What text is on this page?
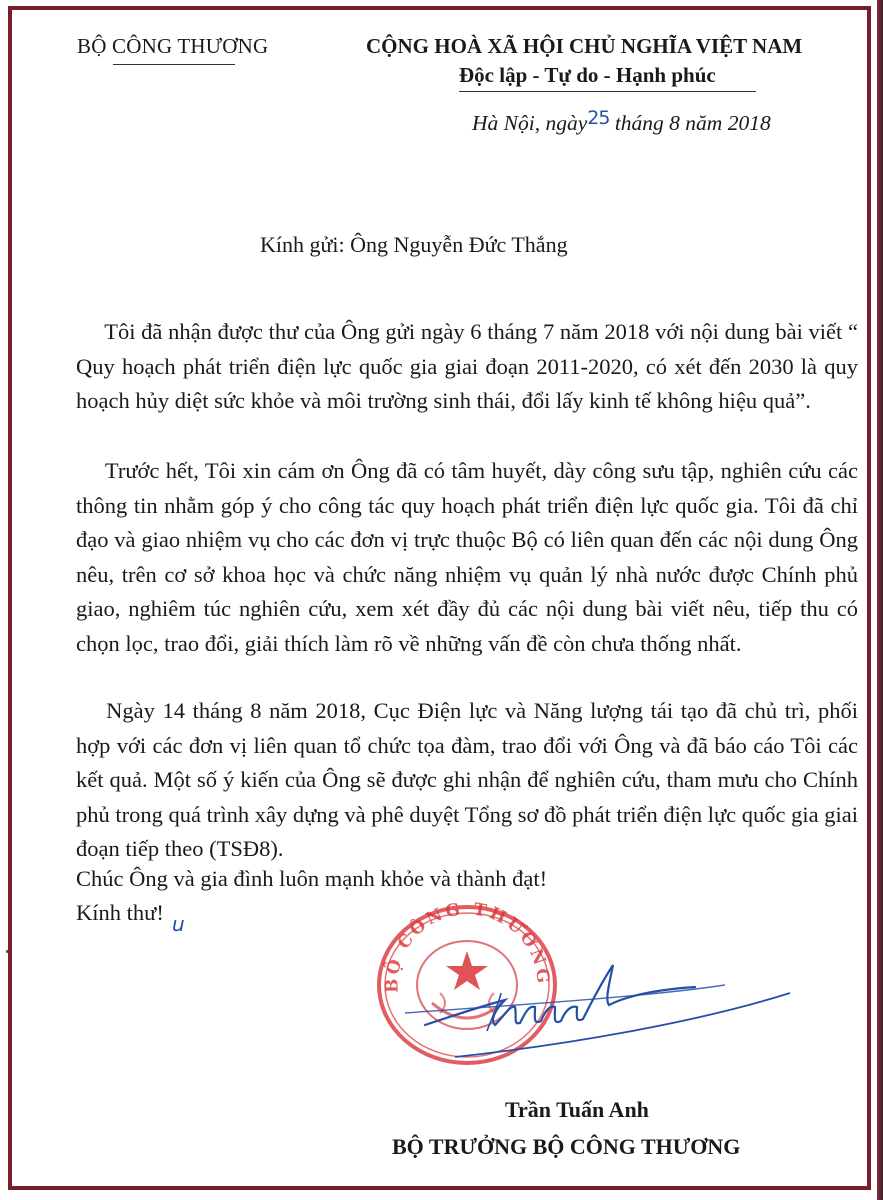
BỘ CÔNG THƯƠNG	CỘNG HOÀ XÃ HỘI CHỦ NGHĨA VIỆT NAM
Độc lập - Tự do - Hạnh phúc
Hà Nội, ngày25 tháng 8 năm 2018
Kính gửi: Ông Nguyễn Đức Thắng
  Tôi đã nhận được thư của Ông gửi ngày 6 tháng 7 năm 2018 với nội dung bài viết “ Quy hoạch phát triển điện lực quốc gia giai đoạn 2011-2020, có xét đến 2030 là quy hoạch hủy diệt sức khỏe và môi trường sinh thái, đổi lấy kinh tế không hiệu quả”.
  Trước hết, Tôi xin cám ơn Ông đã có tâm huyết, dày công sưu tập, nghiên cứu các thông tin nhằm góp ý cho công tác quy hoạch phát triển điện lực quốc gia. Tôi đã chỉ đạo và giao nhiệm vụ cho các đơn vị trực thuộc Bộ có liên quan đến các nội dung Ông nêu, trên cơ sở khoa học và chức năng nhiệm vụ quản lý nhà nước được Chính phủ giao, nghiêm túc nghiên cứu, xem xét đầy đủ các nội dung bài viết nêu, tiếp thu có chọn lọc, trao đổi, giải thích làm rõ về những vấn đề còn chưa thống nhất.
  Ngày 14 tháng 8 năm 2018, Cục Điện lực và Năng lượng tái tạo đã chủ trì, phối hợp với các đơn vị liên quan tổ chức tọa đàm, trao đổi với Ông và đã báo cáo Tôi các kết quả. Một số ý kiến của Ông sẽ được ghi nhận để nghiên cứu, tham mưu cho Chính phủ trong quá trình xây dựng và phê duyệt Tổng sơ đồ phát triển điện lực quốc gia giai đoạn tiếp theo (TSĐ8).
Chúc Ông và gia đình luôn mạnh khỏe và thành đạt!
Kính thư! u
BỘ CÔNG THƯƠNG
Trần Tuấn Anh
BỘ TRƯỞNG BỘ CÔNG THƯƠNG
